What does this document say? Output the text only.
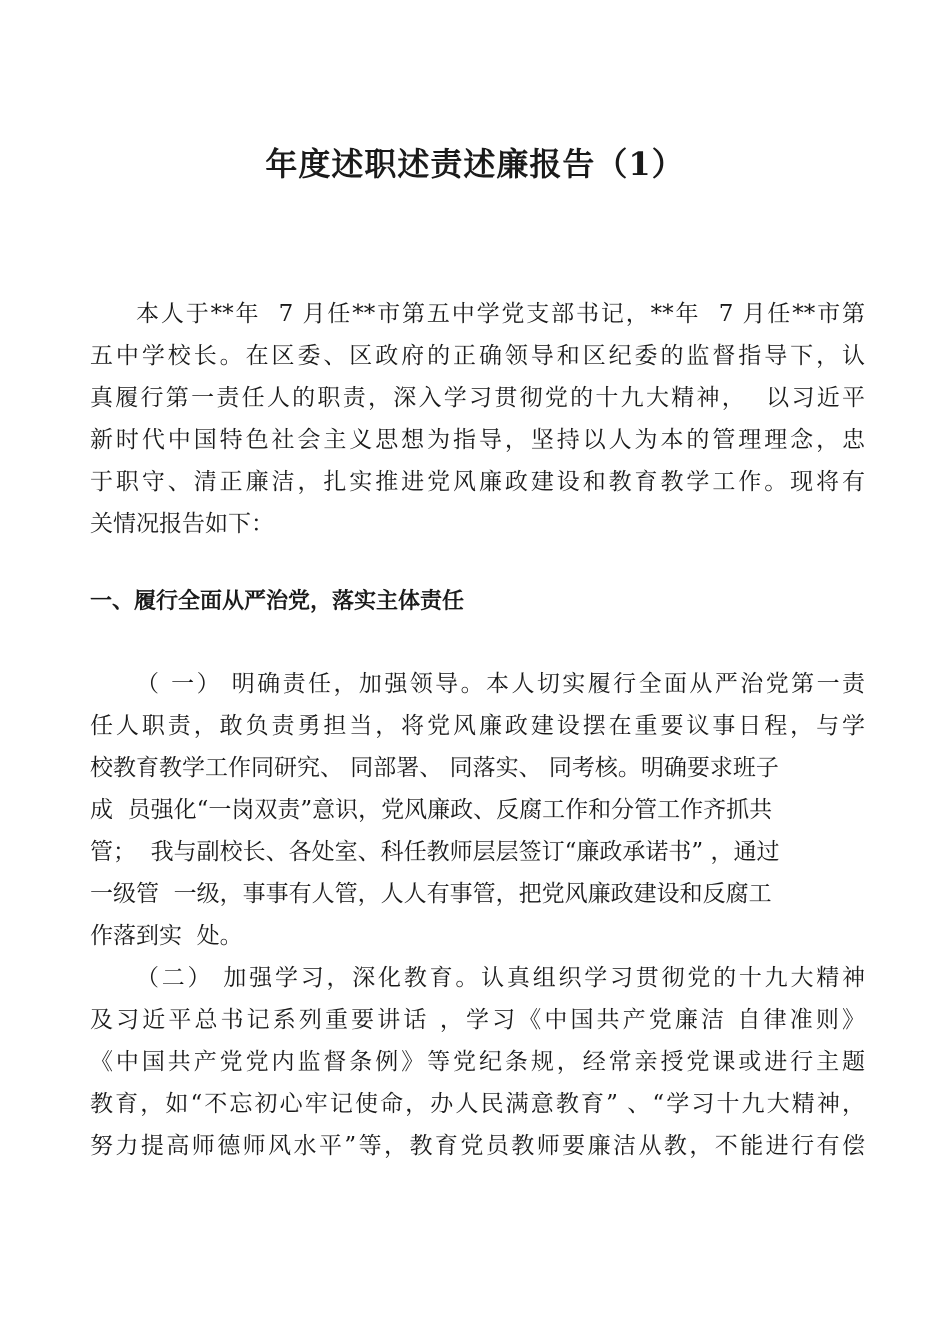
年度述职述责述廉报告（1）
本人于**年  7 月任**市第五中学党支部书记，**年  7 月任**市第
五中学校长。在区委、区政府的正确领导和区纪委的监督指导下，认
真履行第一责任人的职责，深入学习贯彻党的十九大精神，  以习近平
新时代中国特色社会主义思想为指导，坚持以人为本的管理理念，忠
于职守、清正廉洁，扎实推进党风廉政建设和教育教学工作。现将有
关情况报告如下：
一、履行全面从严治党，落实主体责任
（ 一） 明确责任，加强领导。本人切实履行全面从严治党第一责
任人职责，敢负责勇担当，将党风廉政建设摆在重要议事日程，与学
校教育教学工作同研究、 同部署、 同落实、 同考核。明确要求班子
成  员强化“一岗双责”意识，党风廉政、反腐工作和分管工作齐抓共
管；  我与副校长、各处室、科任教师层层签订“廉政承诺书” ，通过
一级管  一级，事事有人管，人人有事管，把党风廉政建设和反腐工
作落到实  处。
（二） 加强学习，深化教育。认真组织学习贯彻党的十九大精神
及习近平总书记系列重要讲话 ，学习《中国共产党廉洁 自律准则》
《中国共产党党内监督条例》等党纪条规，经常亲授党课或进行主题
教育，如“不忘初心牢记使命，办人民满意教育” 、“学习十九大精神，
努力提高师德师风水平”等，教育党员教师要廉洁从教，不能进行有偿
